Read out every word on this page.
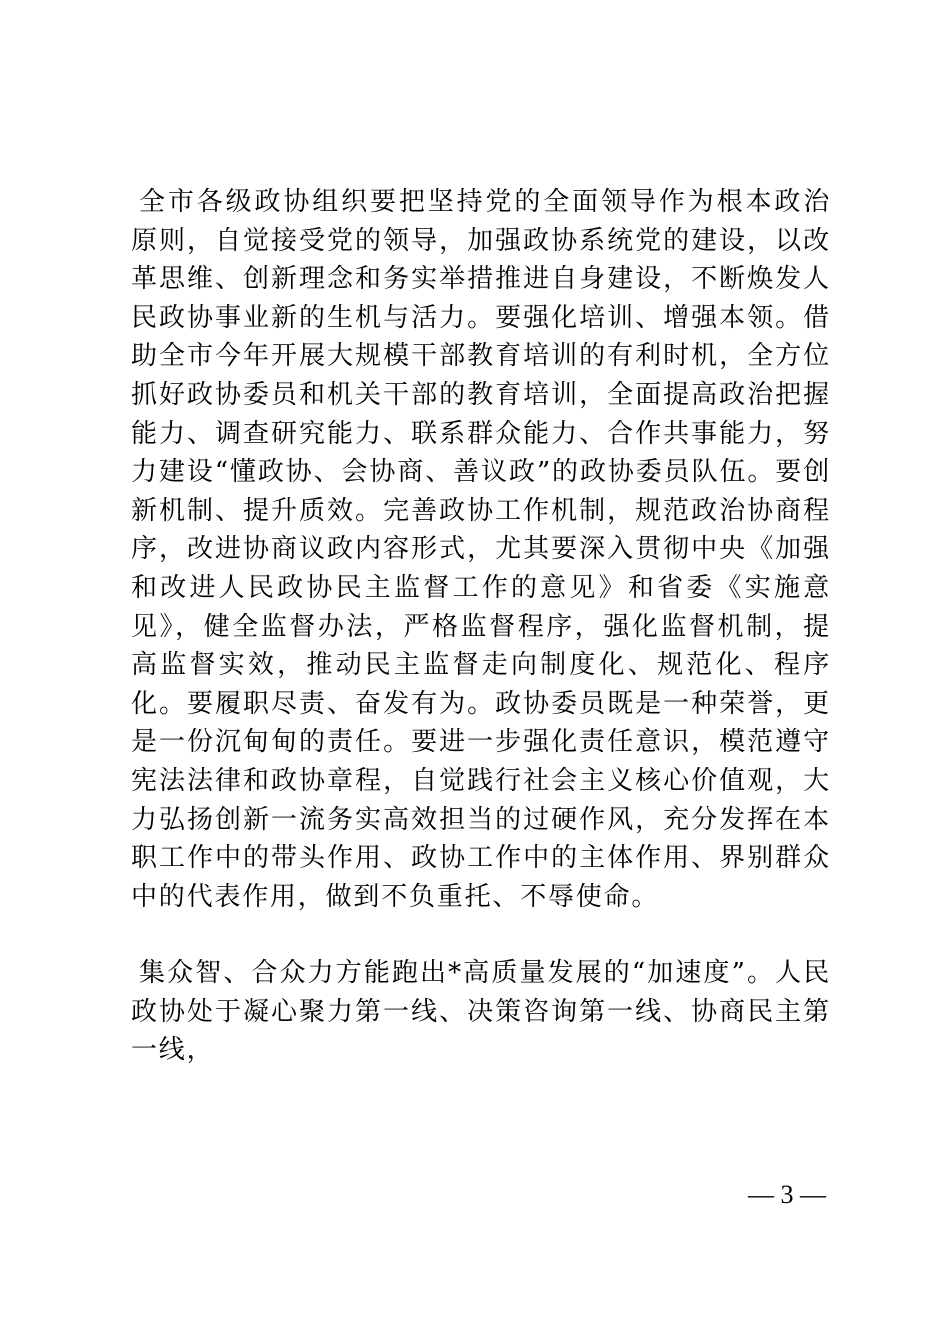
全市各级政协组织要把坚持党的全面领导作为根本政治原则，自觉接受党的领导，加强政协系统党的建设，以改革思维、创新理念和务实举措推进自身建设，不断焕发人民政协事业新的生机与活力。要强化培训、增强本领。借助全市今年开展大规模干部教育培训的有利时机，全方位抓好政协委员和机关干部的教育培训，全面提高政治把握能力、调查研究能力、联系群众能力、合作共事能力，努力建设“懂政协、会协商、善议政”的政协委员队伍。要创新机制、提升质效。完善政协工作机制，规范政治协商程序，改进协商议政内容形式，尤其要深入贯彻中央《加强和改进人民政协民主监督工作的意见》和省委《实施意见》，健全监督办法，严格监督程序，强化监督机制，提高监督实效，推动民主监督走向制度化、规范化、程序化。要履职尽责、奋发有为。政协委员既是一种荣誉，更是一份沉甸甸的责任。要进一步强化责任意识，模范遵守宪法法律和政协章程，自觉践行社会主义核心价值观，大力弘扬创新一流务实高效担当的过硬作风，充分发挥在本职工作中的带头作用、政协工作中的主体作用、界别群众中的代表作用，做到不负重托、不辱使命。

集众智、合众力方能跑出*高质量发展的“加速度”。人民政协处于凝心聚力第一线、决策咨询第一线、协商民主第一线，

— 3 —
